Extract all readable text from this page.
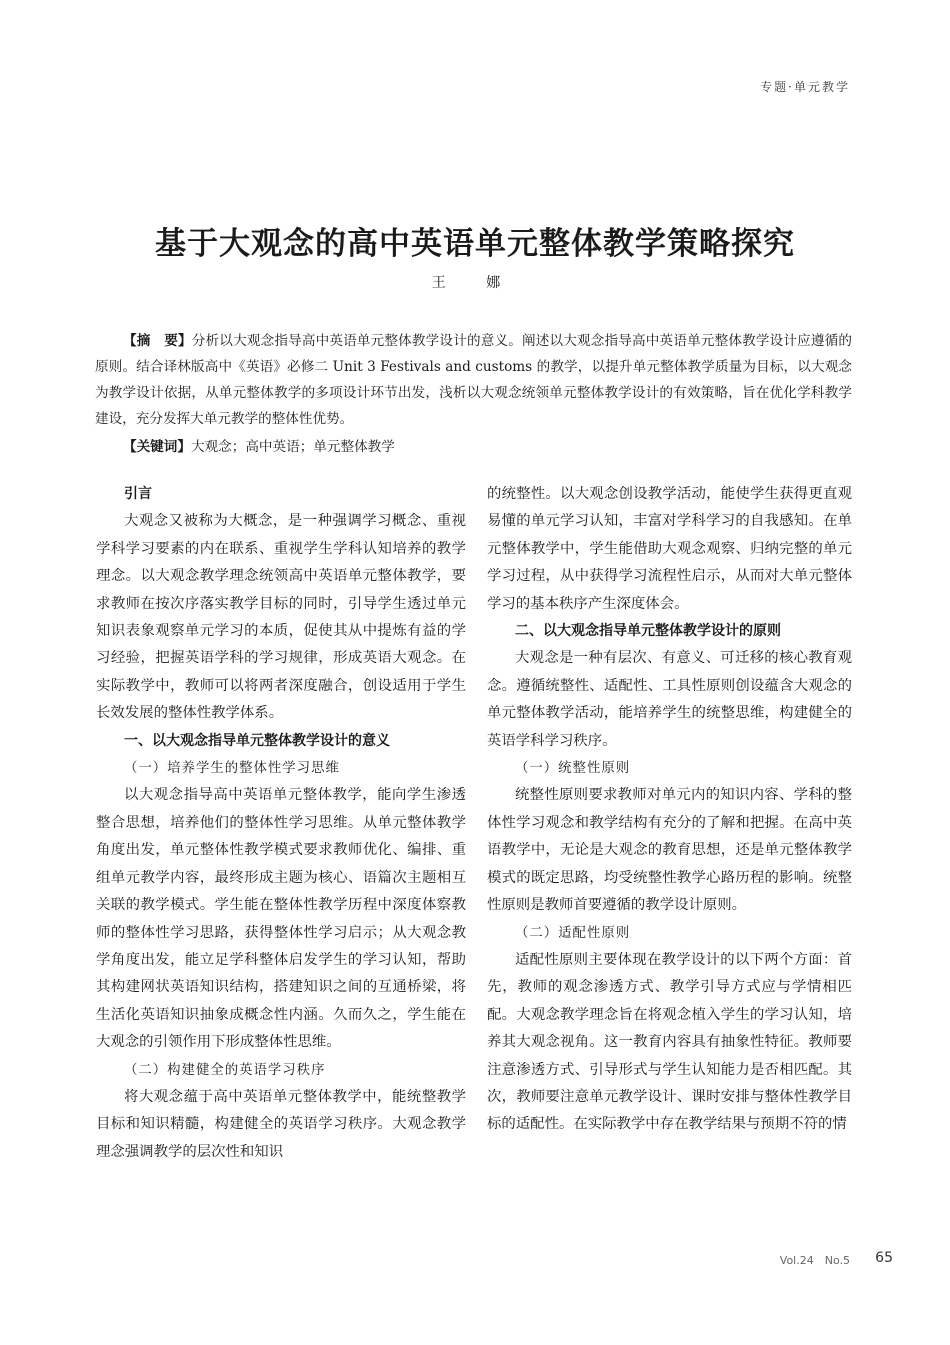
专题·单元教学
基于大观念的高中英语单元整体教学策略探究
王 娜
【摘　要】分析以大观念指导高中英语单元整体教学设计的意义。阐述以大观念指导高中英语单元整体教学设计应遵循的原则。结合译林版高中《英语》必修二 Unit 3 Festivals and customs 的教学，以提升单元整体教学质量为目标，以大观念为教学设计依据，从单元整体教学的多项设计环节出发，浅析以大观念统领单元整体教学设计的有效策略，旨在优化学科教学建设，充分发挥大单元教学的整体性优势。
【关键词】大观念；高中英语；单元整体教学
引言

大观念又被称为大概念，是一种强调学习概念、重视学科学习要素的内在联系、重视学生学科认知培养的教学理念。以大观念教学理念统领高中英语单元整体教学，要求教师在按次序落实教学目标的同时，引导学生透过单元知识表象观察单元学习的本质，促使其从中提炼有益的学习经验，把握英语学科的学习规律，形成英语大观念。在实际教学中，教师可以将两者深度融合，创设适用于学生长效发展的整体性教学体系。

一、以大观念指导单元整体教学设计的意义
（一）培养学生的整体性学习思维

以大观念指导高中英语单元整体教学，能向学生渗透整合思想，培养他们的整体性学习思维。从单元整体教学角度出发，单元整体性教学模式要求教师优化、编排、重组单元教学内容，最终形成主题为核心、语篇次主题相互关联的教学模式。学生能在整体性教学历程中深度体察教师的整体性学习思路，获得整体性学习启示；从大观念教学角度出发，能立足学科整体启发学生的学习认知，帮助其构建网状英语知识结构，搭建知识之间的互通桥梁，将生活化英语知识抽象成概念性内涵。久而久之，学生能在大观念的引领作用下形成整体性思维。

（二）构建健全的英语学习秩序

将大观念蕴于高中英语单元整体教学中，能统整教学目标和知识精髓，构建健全的英语学习秩序。大观念教学理念强调教学的层次性和知识

的统整性。以大观念创设教学活动，能使学生获得更直观易懂的单元学习认知，丰富对学科学习的自我感知。在单元整体教学中，学生能借助大观念观察、归纳完整的单元学习过程，从中获得学习流程性启示，从而对大单元整体学习的基本秩序产生深度体会。

二、以大观念指导单元整体教学设计的原则

大观念是一种有层次、有意义、可迁移的核心教育观念。遵循统整性、适配性、工具性原则创设蕴含大观念的单元整体教学活动，能培养学生的统整思维，构建健全的英语学科学习秩序。

（一）统整性原则

统整性原则要求教师对单元内的知识内容、学科的整体性学习观念和教学结构有充分的了解和把握。在高中英语教学中，无论是大观念的教育思想，还是单元整体教学模式的既定思路，均受统整性教学心路历程的影响。统整性原则是教师首要遵循的教学设计原则。

（二）适配性原则

适配性原则主要体现在教学设计的以下两个方面：首先，教师的观念渗透方式、教学引导方式应与学情相匹配。大观念教学理念旨在将观念植入学生的学习认知，培养其大观念视角。这一教育内容具有抽象性特征。教师要注意渗透方式、引导形式与学生认知能力是否相匹配。其次，教师要注意单元教学设计、课时安排与整体性教学目标的适配性。在实际教学中存在教学结果与预期不符的情

Vol.24　No.5 65
